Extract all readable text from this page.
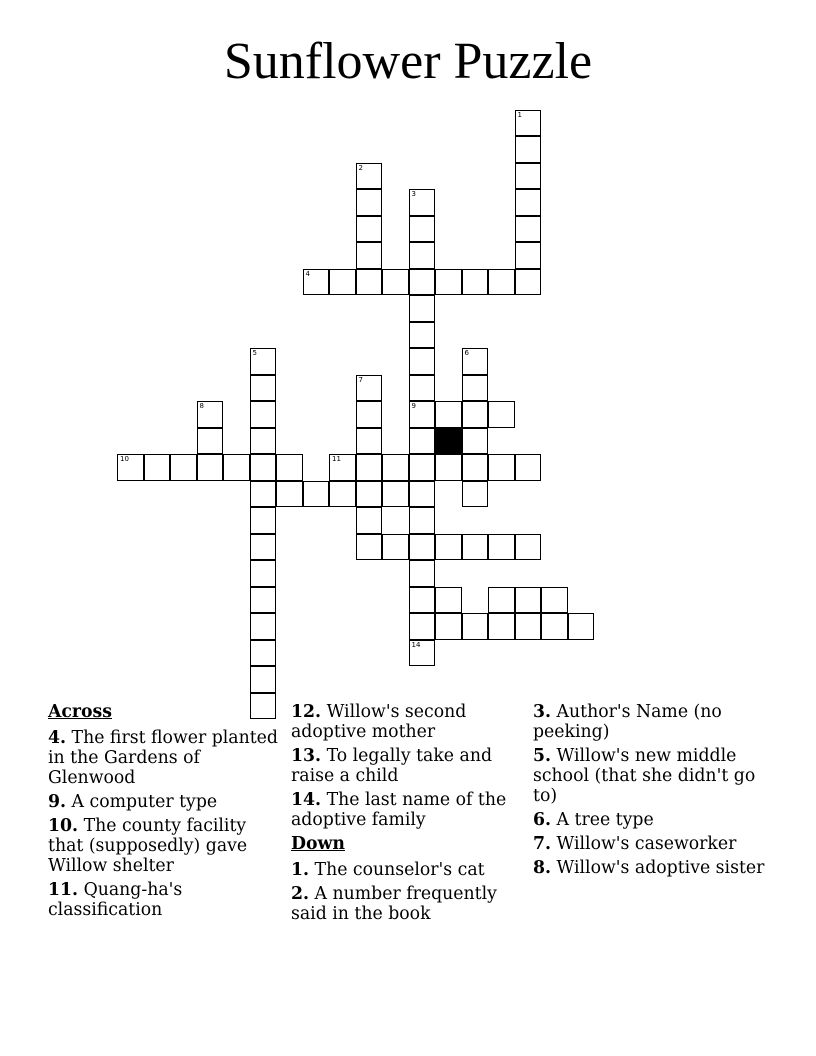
Sunflower Puzzle
1
2
3
9
14
4
5	6
7
8
10	11
Across
4. The first flower planted in the Gardens of Glenwood
9. A computer type
10. The county facility that (supposedly) gave Willow shelter
11. Quang-ha's classification
12. Willow's second adoptive mother
13. To legally take and raise a child
14. The last name of the adoptive family
Down
1. The counselor's cat
2. A number frequently said in the book
3. Author's Name (no peeking)
5. Willow's new middle school (that she didn't go to)
6. A tree type
7. Willow's caseworker
8. Willow's adoptive sister
